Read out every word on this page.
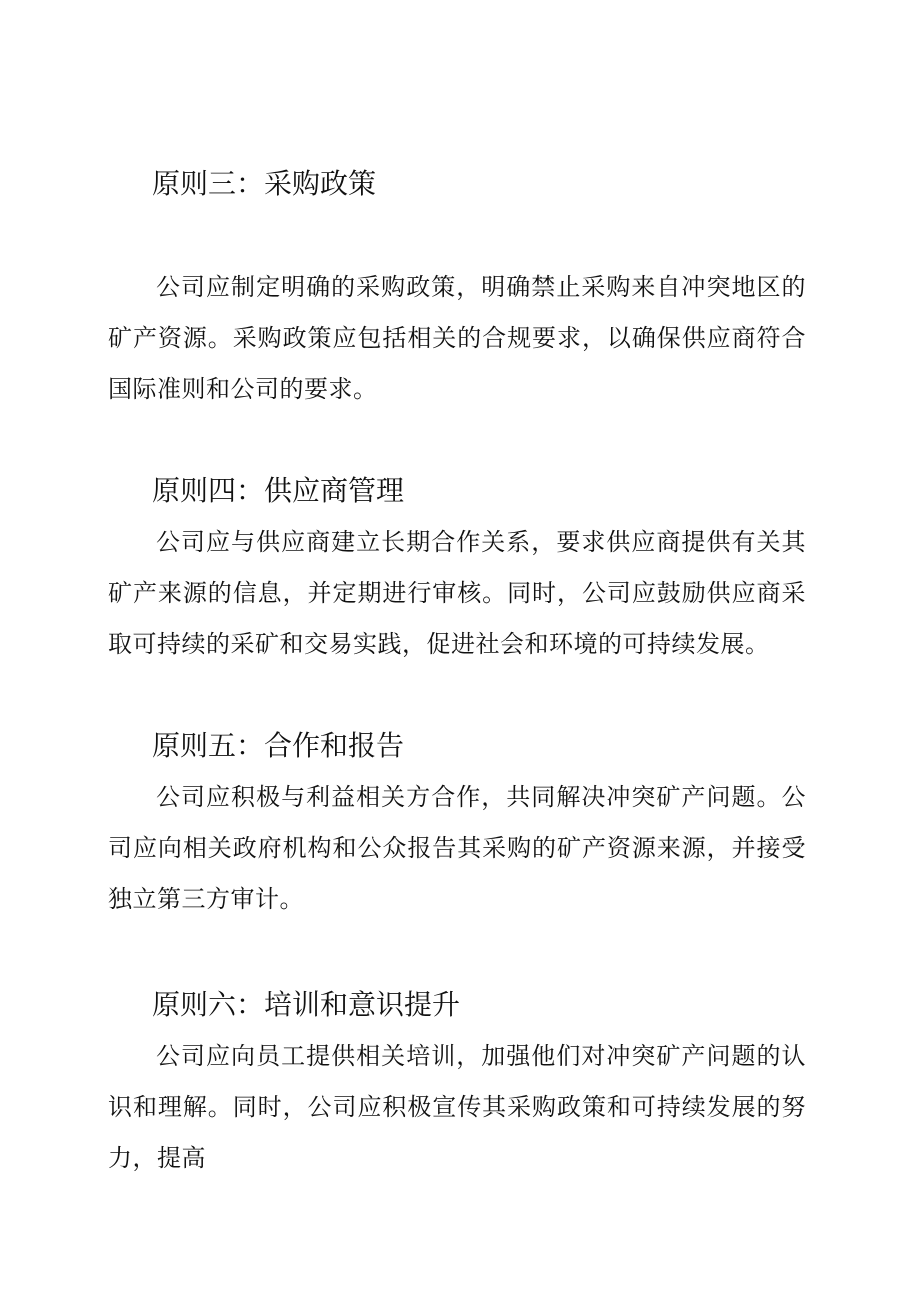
原则三：采购政策

公司应制定明确的采购政策，明确禁止采购来自冲突地区的矿产资源。采购政策应包括相关的合规要求，以确保供应商符合国际准则和公司的要求。

原则四：供应商管理

公司应与供应商建立长期合作关系，要求供应商提供有关其矿产来源的信息，并定期进行审核。同时，公司应鼓励供应商采取可持续的采矿和交易实践，促进社会和环境的可持续发展。

原则五：合作和报告

公司应积极与利益相关方合作，共同解决冲突矿产问题。公司应向相关政府机构和公众报告其采购的矿产资源来源，并接受独立第三方审计。

原则六：培训和意识提升

公司应向员工提供相关培训，加强他们对冲突矿产问题的认识和理解。同时，公司应积极宣传其采购政策和可持续发展的努力，提高
